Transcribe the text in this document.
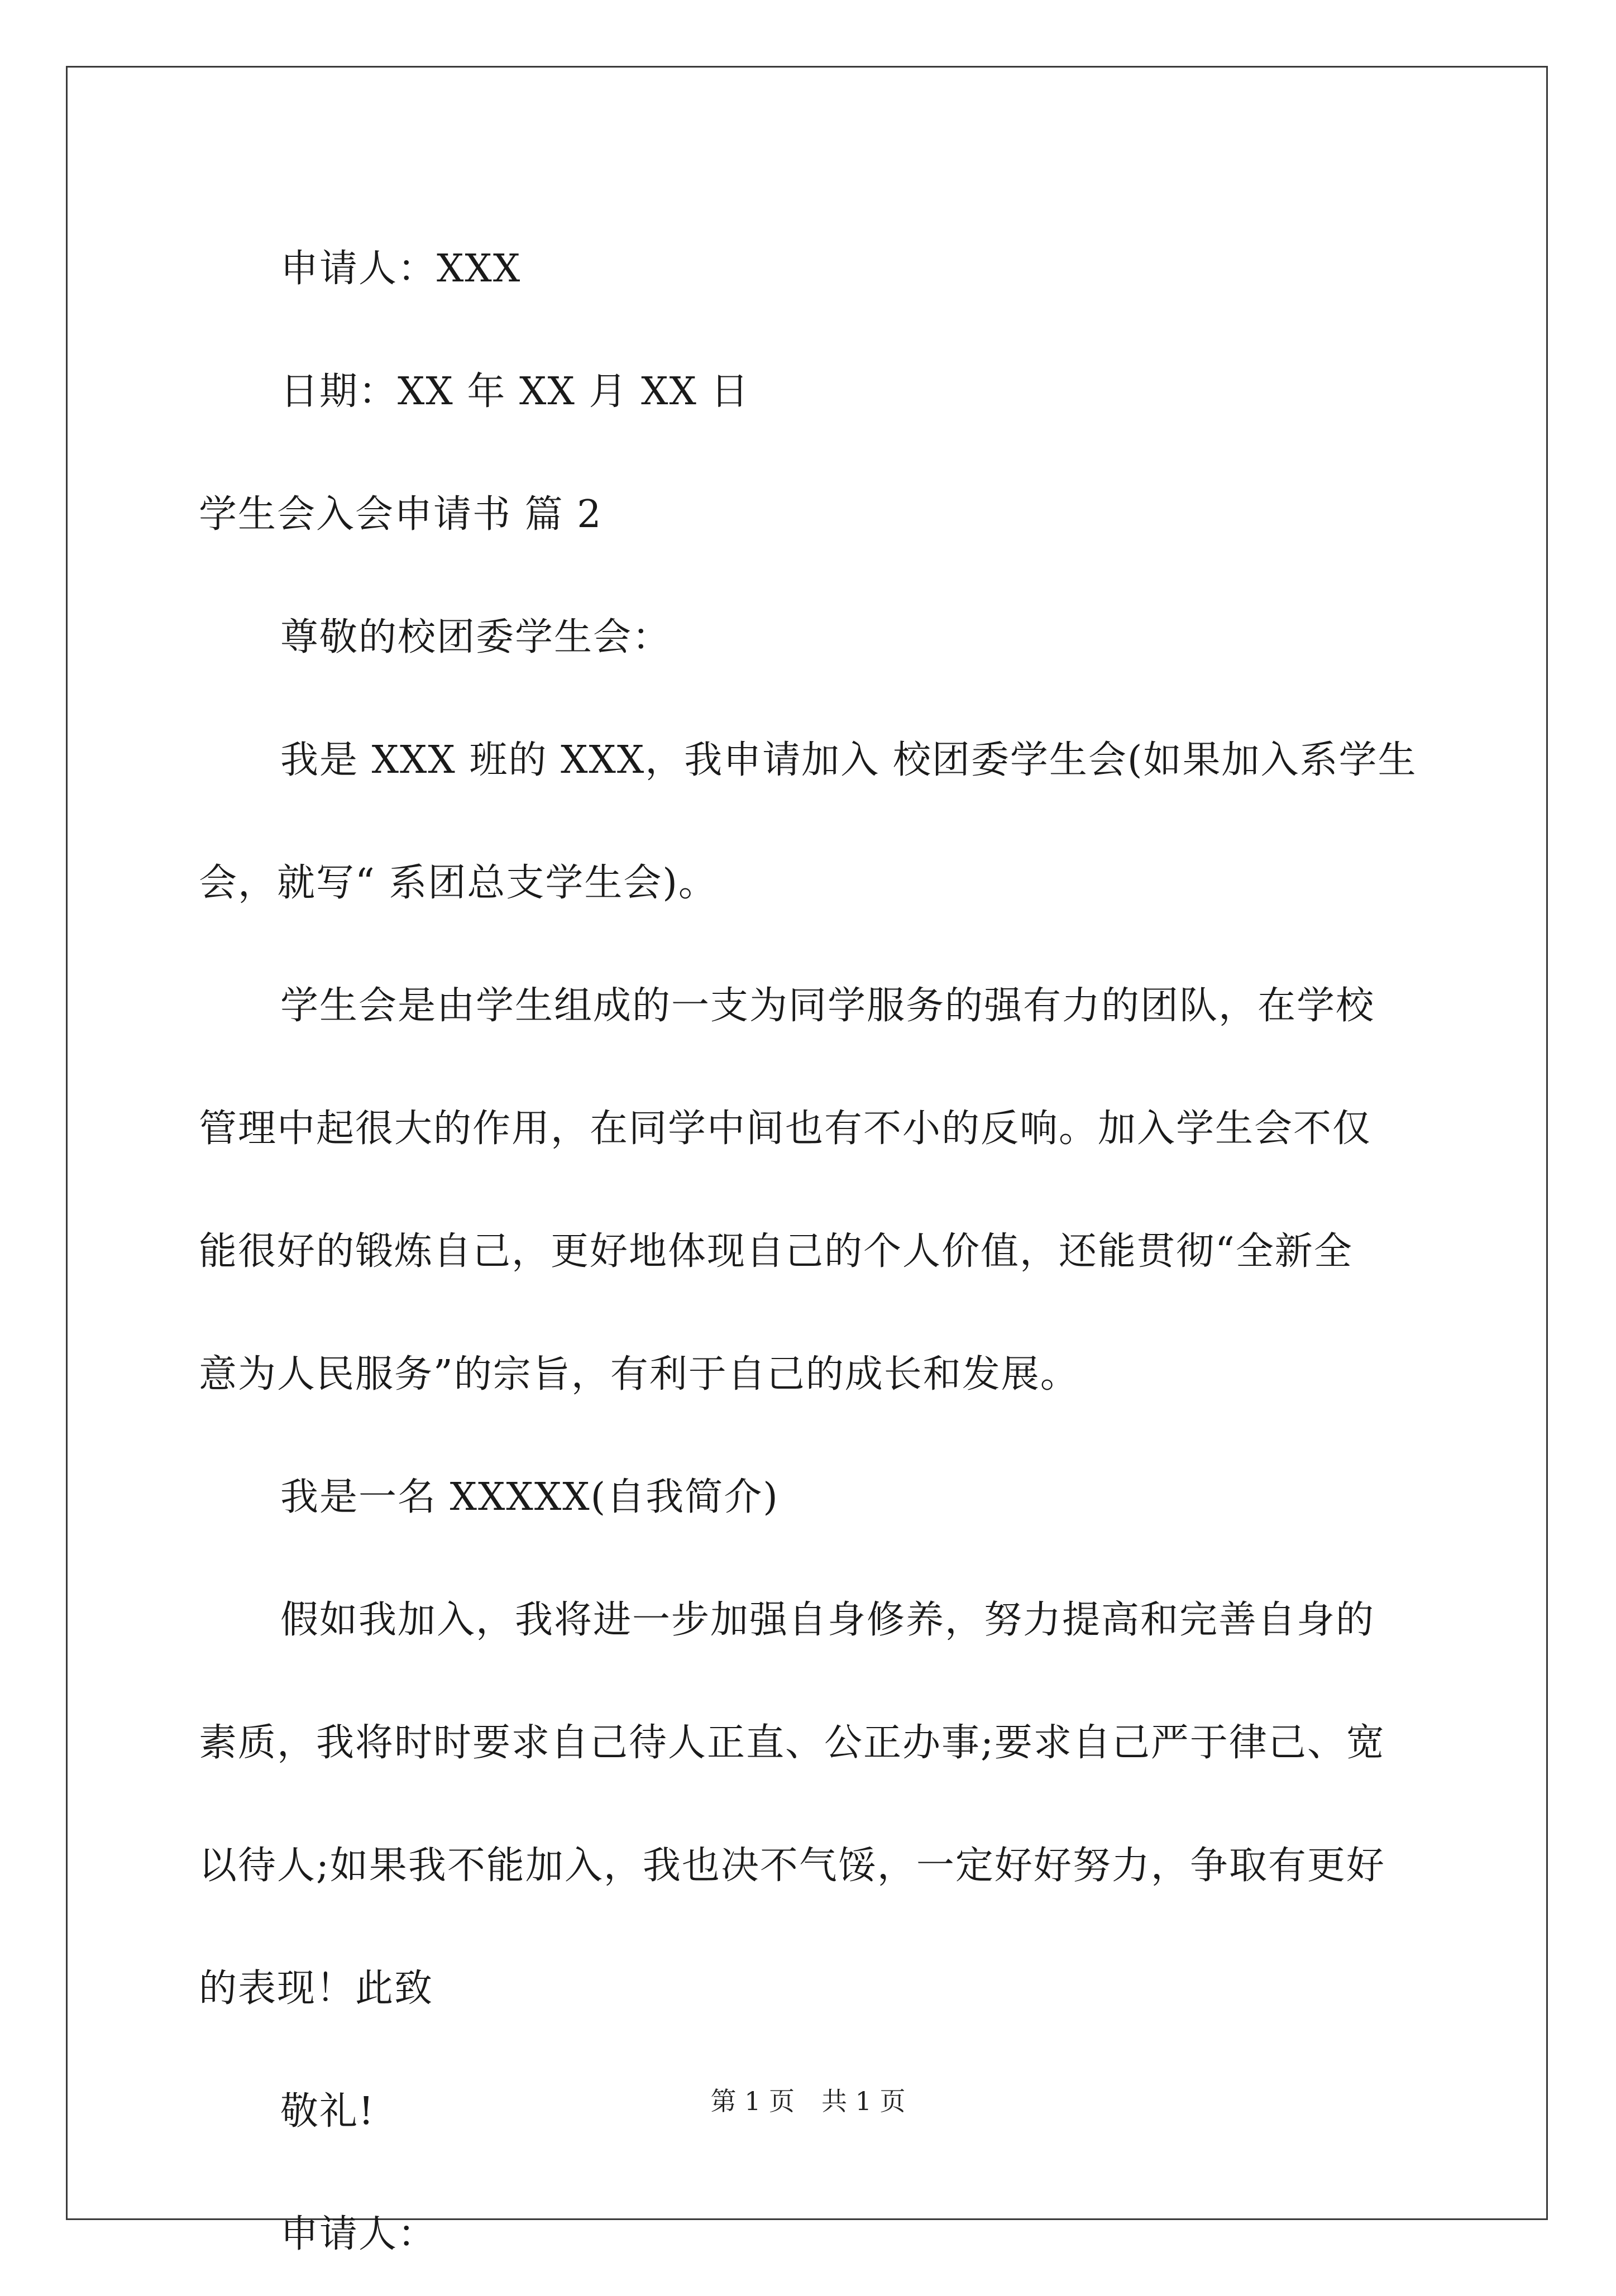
申请人：XXX
日期：XX 年 XX 月 XX 日
学生会入会申请书 篇 2
尊敬的校团委学生会：
我是 XXX 班的 XXX，我申请加入 校团委学生会(如果加入系学生
会，就写“ 系团总支学生会)。
学生会是由学生组成的一支为同学服务的强有力的团队，在学校
管理中起很大的作用，在同学中间也有不小的反响。加入学生会不仅
能很好的锻炼自己，更好地体现自己的个人价值，还能贯彻“全新全
意为人民服务”的宗旨，有利于自己的成长和发展。
我是一名 XXXXX(自我简介)
假如我加入，我将进一步加强自身修养，努力提高和完善自身的
素质，我将时时要求自己待人正直、公正办事;要求自己严于律己、宽
以待人;如果我不能加入，我也决不气馁，一定好好努力，争取有更好
的表现！此致
敬礼!
申请人：
第 1 页 共 1 页
